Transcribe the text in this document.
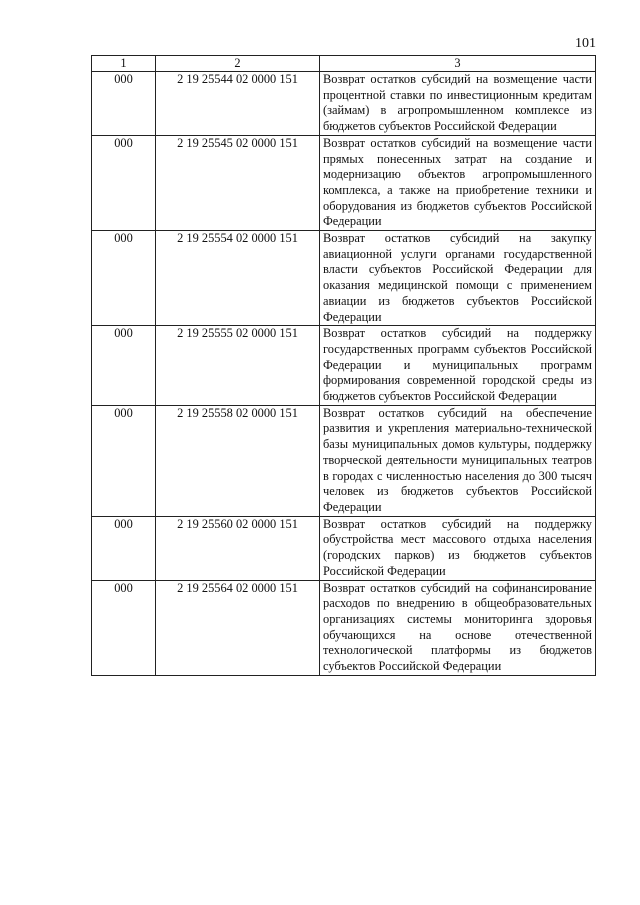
101
1	2	3
000	2 19 25544 02 0000 151	Возврат остатков субсидий на возмещение части процентной ставки по инвестиционным кредитам (займам) в агропромышленном комплексе из бюджетов субъектов Российской Федерации
000	2 19 25545 02 0000 151	Возврат остатков субсидий на возмещение части прямых понесенных затрат на создание и модернизацию объектов агропромышленного комплекса, а также на приобретение техники и оборудования из бюджетов субъектов Российской Федерации
000	2 19 25554 02 0000 151	Возврат остатков субсидий на закупку авиационной услуги органами государственной власти субъектов Российской Федерации для оказания медицинской помощи с применением авиации из бюджетов субъектов Российской Федерации
000	2 19 25555 02 0000 151	Возврат остатков субсидий на поддержку государственных программ субъектов Российской Федерации и муниципальных программ формирования современной городской среды из бюджетов субъектов Российской Федерации
000	2 19 25558 02 0000 151	Возврат остатков субсидий на обеспечение развития и укрепления материально-технической базы муниципальных домов культуры, поддержку творческой деятельности муниципальных театров в городах с численностью населения до 300 тысяч человек из бюджетов субъектов Российской Федерации
000	2 19 25560 02 0000 151	Возврат остатков субсидий на поддержку обустройства мест массового отдыха населения (городских парков) из бюджетов субъектов Российской Федерации
000	2 19 25564 02 0000 151	Возврат остатков субсидий на софинансирование расходов по внедрению в общеобразовательных организациях системы мониторинга здоровья обучающихся на основе отечественной технологической платформы из бюджетов субъектов Российской Федерации
